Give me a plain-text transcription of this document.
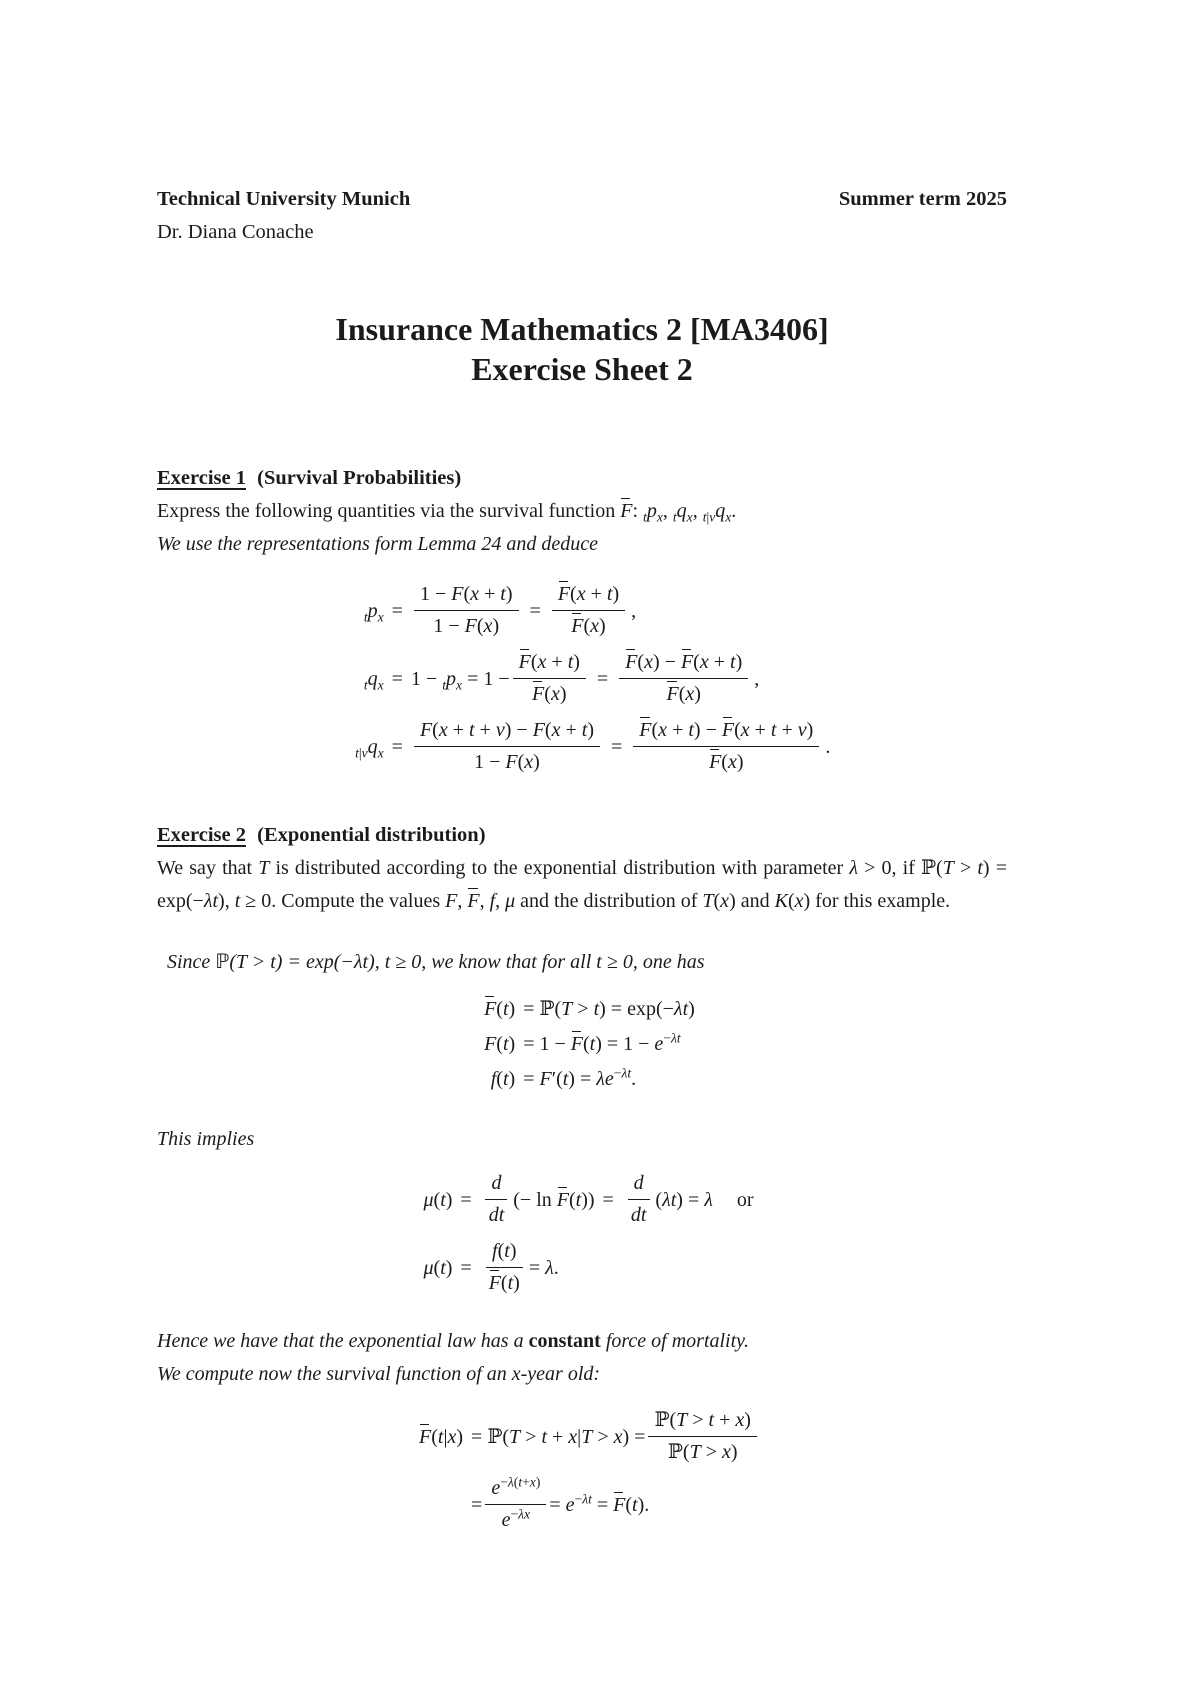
Technical University Munich	Summer term 2025
Dr. Diana Conache
Insurance Mathematics 2 [MA3406]
Exercise Sheet 2

Exercise 1 (Survival Probabilities)

Express the following quantities via the survival function F: $_tp_x$, $_tq_x$, $_{t|v}q_x$.

We use the representations form Lemma 24 and deduce

$_tp_x = \frac{1 - F(x + t)}{1 - F(x)} = \frac{F(x + t)}{F(x)}$ ,
$_tq_x = 1 - _tp_x = 1 - \frac{F(x + t)}{F(x)} = \frac{F(x) - F(x + t)}{F(x)}$ ,
$_{t|v}q_x = \frac{F(x + t + v) - F(x + t)}{1 - F(x)} = \frac{F(x + t) - F(x + t + v)}{F(x)}$ .

Exercise 2 (Exponential distribution)

We say that T is distributed according to the exponential distribution with parameter λ > 0, if ℙ(T > t) = exp(−λt), t ≥ 0. Compute the values F, F, f, μ and the distribution of T(x) and K(x) for this example.

Since ℙ(T > t) = exp(−λt), t ≥ 0, we know that for all t ≥ 0, one has

F(t) = ℙ(T > t) = exp(−λt)
$F(t) = 1 - F(t) = 1 - e^{-\lambda t}$
$f(t) = F'(t) = \lambda e^{-\lambda t}$.

This implies

$\mu(t) = \frac{d}{dt}$ (− $\ln F(t)) = \frac{d}{dt} (\lambda t) = \lambda$ or
$\mu(t) = \frac{f(t)}{F(t)} = \lambda$.

Hence we have that the exponential law has a constant force of mortality.

We compute now the survival function of an x-year old:

F(t|x) = ℙ(T > $t + x|T > x) = \frac{\text{ℙ(T > t + x)}}{\text{ℙ(T > x)}}$
= $\frac{e^{-\lambda(t+x)}}{e^{-\lambda x}} = e^{-\lambda t} = F(t)$.
